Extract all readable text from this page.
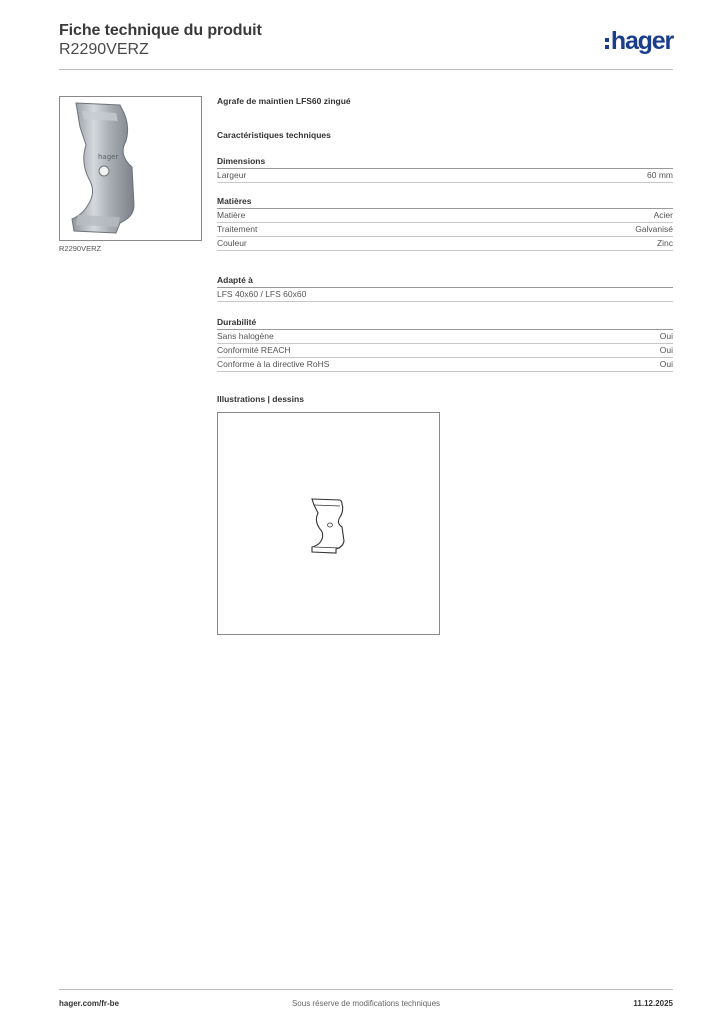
Fiche technique du produit
R2290VERZ	hager
hager
R2290VERZ
Agrafe de maintien LFS60 zingué
Caractéristiques techniques
Dimensions
Largeur	60 mm
Matières
Matière	Acier
Traitement	Galvanisé
Couleur	Zinc
Adapté à
LFS 40x60 / LFS 60x60
Durabilité
Sans halogène	Oui
Conformité REACH	Oui
Conforme à la directive RoHS	Oui
Illustrations | dessins
hager.com/fr-be	Sous réserve de modifications techniques	11.12.2025
